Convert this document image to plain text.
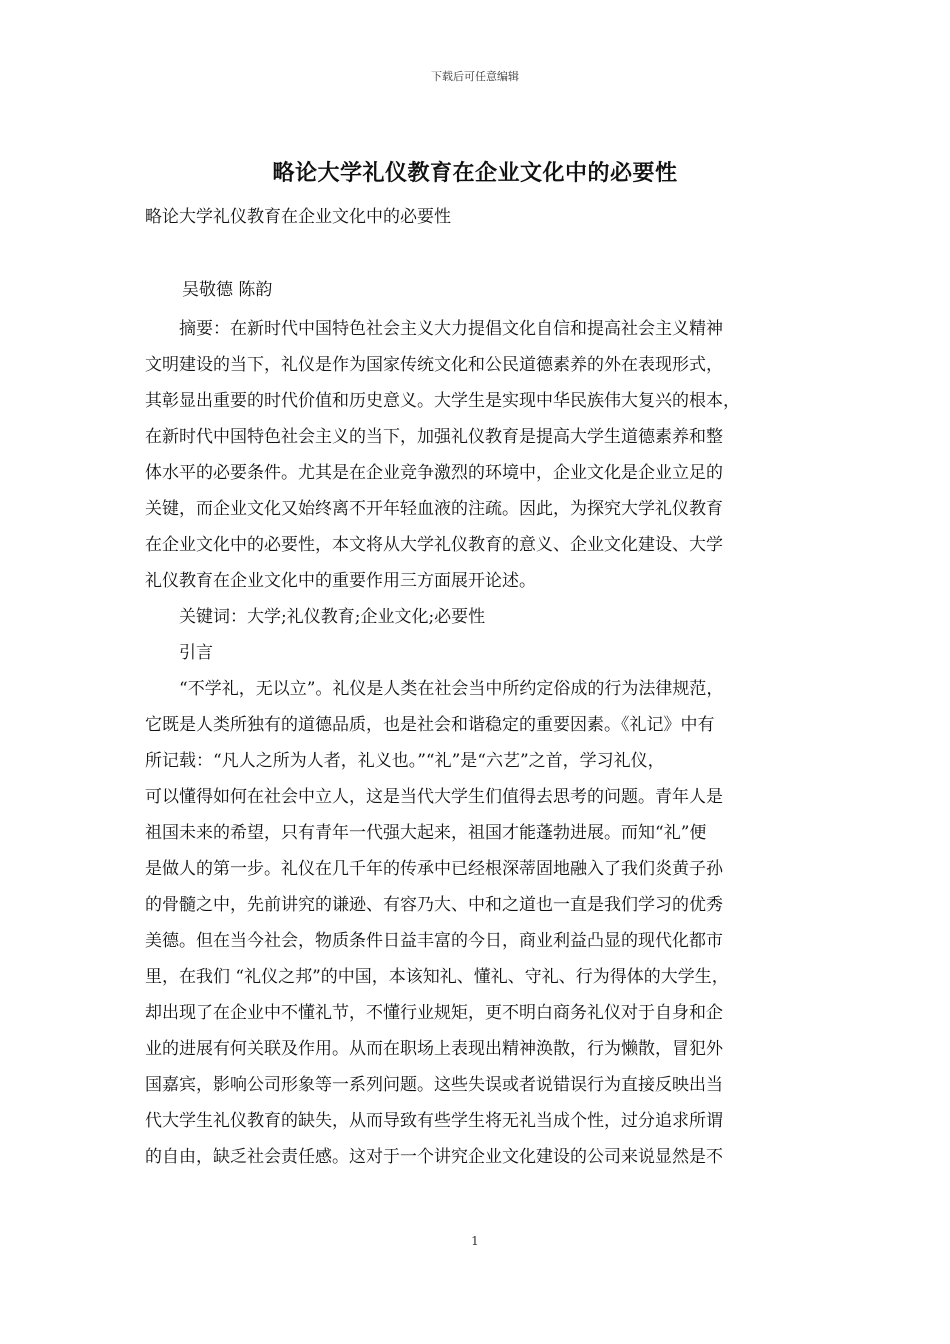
下载后可任意编辑
略论大学礼仪教育在企业文化中的必要性
略论大学礼仪教育在企业文化中的必要性
吴敬德 陈韵
　　摘要：在新时代中国特色社会主义大力提倡文化自信和提高社会主义精神
文明建设的当下，礼仪是作为国家传统文化和公民道德素养的外在表现形式，
其彰显出重要的时代价值和历史意义。大学生是实现中华民族伟大复兴的根本，
在新时代中国特色社会主义的当下，加强礼仪教育是提高大学生道德素养和整
体水平的必要条件。尤其是在企业竞争激烈的环境中，企业文化是企业立足的
关键，而企业文化又始终离不开年轻血液的注疏。因此，为探究大学礼仪教育
在企业文化中的必要性，本文将从大学礼仪教育的意义、企业文化建设、大学
礼仪教育在企业文化中的重要作用三方面展开论述。
　　关键词：大学;礼仪教育;企业文化;必要性
　　引言
　　“不学礼，无以立”。礼仪是人类在社会当中所约定俗成的行为法律规范，
它既是人类所独有的道德品质，也是社会和谐稳定的重要因素。《礼记》中有
所记载：“凡人之所为人者，礼义也。”“礼”是“六艺”之首，学习礼仪，
可以懂得如何在社会中立人，这是当代大学生们值得去思考的问题。青年人是
祖国未来的希望，只有青年一代强大起来，祖国才能蓬勃进展。而知“礼”便
是做人的第一步。礼仪在几千年的传承中已经根深蒂固地融入了我们炎黄子孙
的骨髓之中，先前讲究的谦逊、有容乃大、中和之道也一直是我们学习的优秀
美德。但在当今社会，物质条件日益丰富的今日，商业利益凸显的现代化都市
里，在我们 “礼仪之邦”的中国，本该知礼、懂礼、守礼、行为得体的大学生，
却出现了在企业中不懂礼节，不懂行业规矩，更不明白商务礼仪对于自身和企
业的进展有何关联及作用。从而在职场上表现出精神涣散，行为懒散，冒犯外
国嘉宾，影响公司形象等一系列问题。这些失误或者说错误行为直接反映出当
代大学生礼仪教育的缺失，从而导致有些学生将无礼当成个性，过分追求所谓
的自由，缺乏社会责任感。这对于一个讲究企业文化建设的公司来说显然是不
1
